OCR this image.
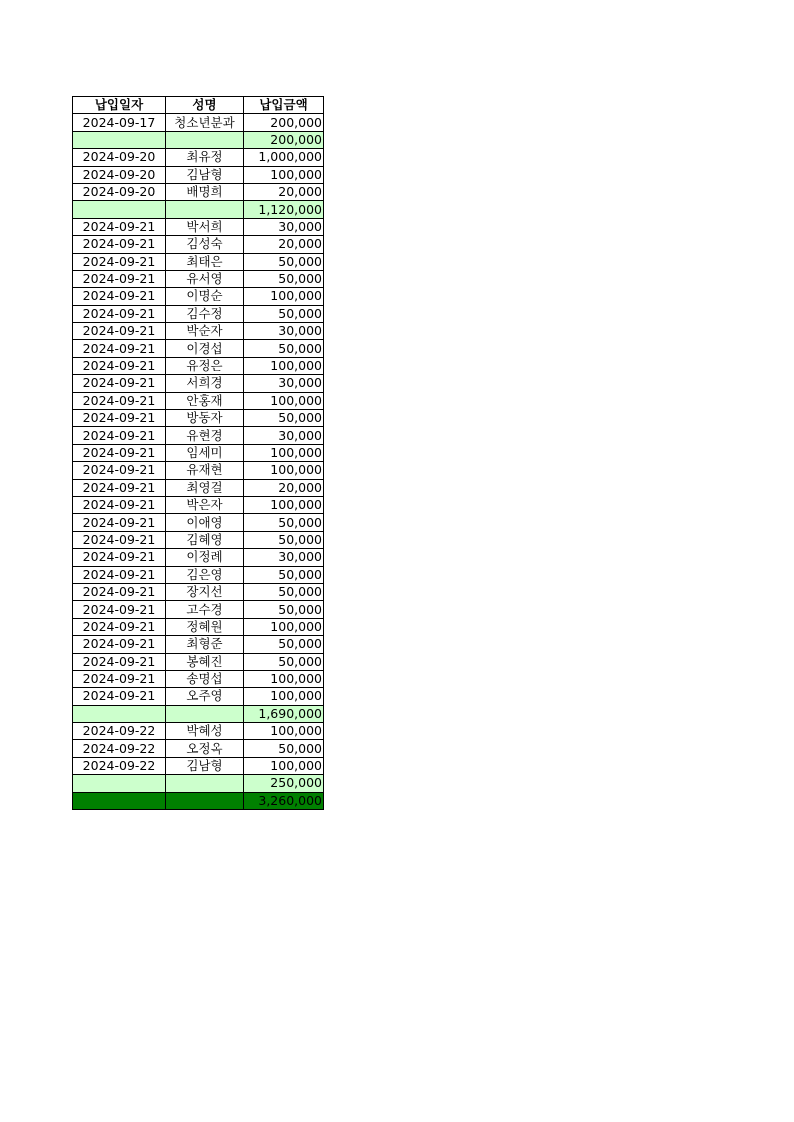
납입일자	성명	납입금액
2024-09-17	청소년분과	200,000
		200,000
2024-09-20	최유정	1,000,000
2024-09-20	김남형	100,000
2024-09-20	배명희	20,000
		1,120,000
2024-09-21	박서희	30,000
2024-09-21	김성숙	20,000
2024-09-21	최태은	50,000
2024-09-21	유서영	50,000
2024-09-21	이명순	100,000
2024-09-21	김수정	50,000
2024-09-21	박순자	30,000
2024-09-21	이경섭	50,000
2024-09-21	유정은	100,000
2024-09-21	서희경	30,000
2024-09-21	안홍재	100,000
2024-09-21	방동자	50,000
2024-09-21	유현경	30,000
2024-09-21	임세미	100,000
2024-09-21	유재현	100,000
2024-09-21	최영걸	20,000
2024-09-21	박은자	100,000
2024-09-21	이애영	50,000
2024-09-21	김혜영	50,000
2024-09-21	이정례	30,000
2024-09-21	김은영	50,000
2024-09-21	장지선	50,000
2024-09-21	고수경	50,000
2024-09-21	정혜원	100,000
2024-09-21	최형준	50,000
2024-09-21	봉혜진	50,000
2024-09-21	송명섭	100,000
2024-09-21	오주영	100,000
		1,690,000
2024-09-22	박혜성	100,000
2024-09-22	오정옥	50,000
2024-09-22	김남형	100,000
		250,000
		3,260,000
